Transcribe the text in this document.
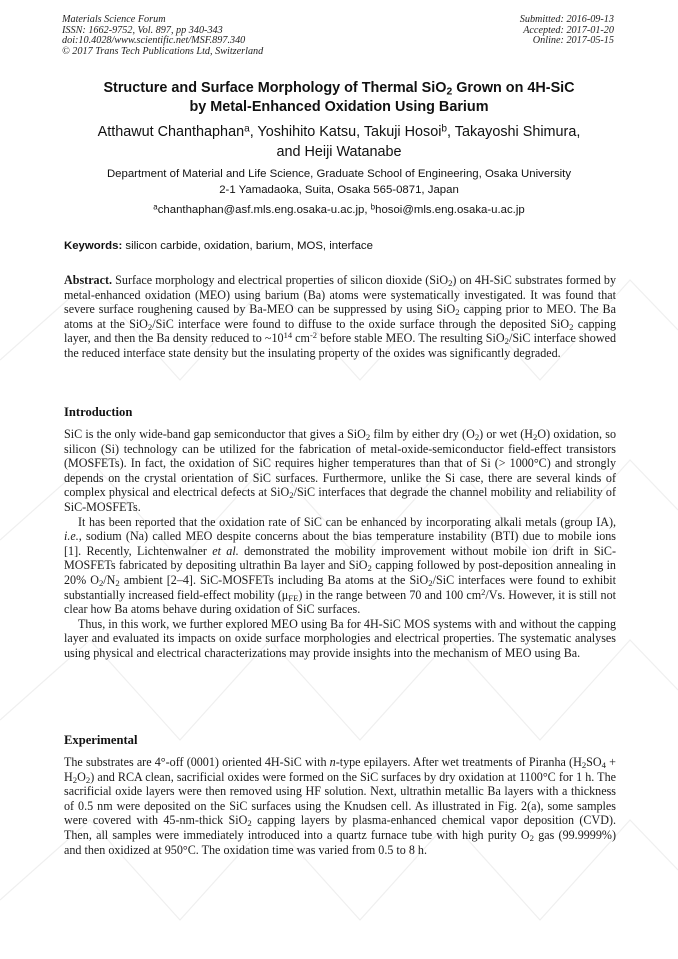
Materials Science Forum
ISSN: 1662-9752, Vol. 897, pp 340-343
doi:10.4028/www.scientific.net/MSF.897.340
© 2017 Trans Tech Publications Ltd, Switzerland
Submitted: 2016-09-13
Accepted: 2017-01-20
Online: 2017-05-15
Structure and Surface Morphology of Thermal SiO$_2$ Grown on 4H-SiC
by Metal-Enhanced Oxidation Using Barium
Atthawut Chanthaphan$^a$, Yoshihito Katsu, Takuji Hosoi$^b$, Takayoshi Shimura,
and Heiji Watanabe
Department of Material and Life Science, Graduate School of Engineering, Osaka University
2-1 Yamadaoka, Suita, Osaka 565-0871, Japan
$^a$chanthaphan@asf.mls.eng.osaka-u.ac.jp, $^b$hosoi@mls.eng.osaka-u.ac.jp
Keywords: silicon carbide, oxidation, barium, MOS, interface
Abstract. Surface morphology and electrical properties of silicon dioxide (SiO$_2$) on 4H-SiC substrates formed by metal-enhanced oxidation (MEO) using barium (Ba) atoms were systematically investigated. It was found that severe surface roughening caused by Ba-MEO can be suppressed by using SiO$_2$ capping prior to MEO. The Ba atoms at the SiO$_2$/SiC interface were found to diffuse to the oxide surface through the deposited SiO$_2$ capping layer, and then the Ba density reduced to $\sim 10^{14}$ $cm^{-2}$ before stable MEO. The resulting SiO$_2$/SiC interface showed the reduced interface state density but the insulating property of the oxides was significantly degraded.
Introduction

SiC is the only wide-band gap semiconductor that gives a SiO$_2$ film by either dry $(O_2)$ or wet $(H_2O)$ oxidation, so silicon (Si) technology can be utilized for the fabrication of metal-oxide-semiconductor field-effect transistors (MOSFETs). In fact, the oxidation of SiC requires higher temperatures than that of Si (> 1000°C) and strongly depends on the crystal orientation of SiC surfaces. Furthermore, unlike the Si case, there are several kinds of complex physical and electrical defects at SiO$_2$/SiC interfaces that degrade the channel mobility and reliability of SiC-MOSFETs.

It has been reported that the oxidation rate of SiC can be enhanced by incorporating alkali metals (group IA), i.e., sodium (Na) called MEO despite concerns about the bias temperature instability (BTI) due to mobile ions [1]. Recently, Lichtenwalner et al. demonstrated the mobility improvement without mobile ion drift in SiC-MOSFETs fabricated by depositing ultrathin Ba layer and SiO$_2$ capping followed by post-deposition annealing in 20% $O_2/N_2$ ambient [2–4]. SiC-MOSFETs including Ba atoms at the SiO$_2$/SiC interfaces were found to exhibit substantially increased field-effect mobility $(\mu_{FE})$ in the range between 70 and 100 $cm^2/Vs$. However, it is still not clear how Ba atoms behave during oxidation of SiC surfaces.

Thus, in this work, we further explored MEO using Ba for 4H-SiC MOS systems with and without the capping layer and evaluated its impacts on oxide surface morphologies and electrical properties. The systematic analyses using physical and electrical characterizations may provide insights into the mechanism of MEO using Ba.

Experimental

The substrates are 4°-off (0001) oriented 4H-SiC with n-type epilayers. After wet treatments of Piranha $(H_2SO_4 + H_2O_2)$ and RCA clean, sacrificial oxides were formed on the SiC surfaces by dry oxidation at 1100°C for 1 h. The sacrificial oxide layers were then removed using HF solution. Next, ultrathin metallic Ba layers with a thickness of 0.5 nm were deposited on the SiC surfaces using the Knudsen cell. As illustrated in Fig. 2(a), some samples were covered with 45-nm-thick SiO$_2$ capping layers by plasma-enhanced chemical vapor deposition (CVD). Then, all samples were immediately introduced into a quartz furnace tube with high purity $O_2$ gas (99.9999%) and then oxidized at 950°C. The oxidation time was varied from 0.5 to 8 h.
